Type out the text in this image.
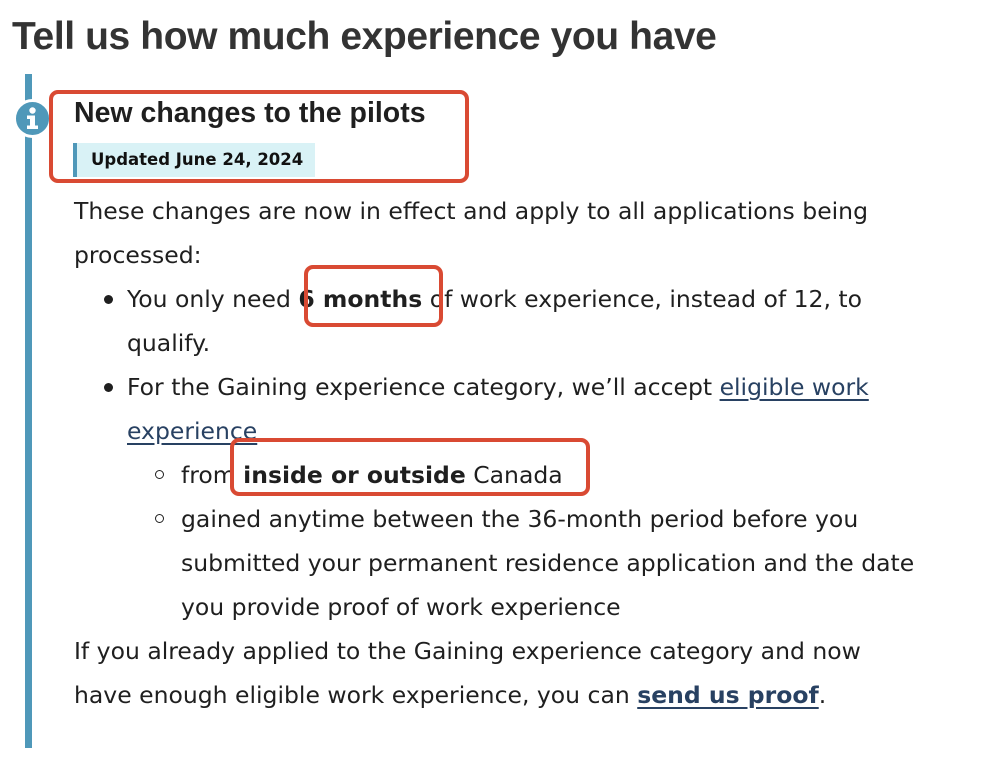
Tell us how much experience you have
New changes to the pilots
Updated June 24, 2024
These changes are now in effect and apply to all applications being
processed:
You only need 6 months of work experience, instead of 12, to
qualify.
For the Gaining experience category, we’ll accept eligible work
experience
from inside or outside Canada
gained anytime between the 36-month period before you
submitted your permanent residence application and the date
you provide proof of work experience
If you already applied to the Gaining experience category and now
have enough eligible work experience, you can send us proof.
